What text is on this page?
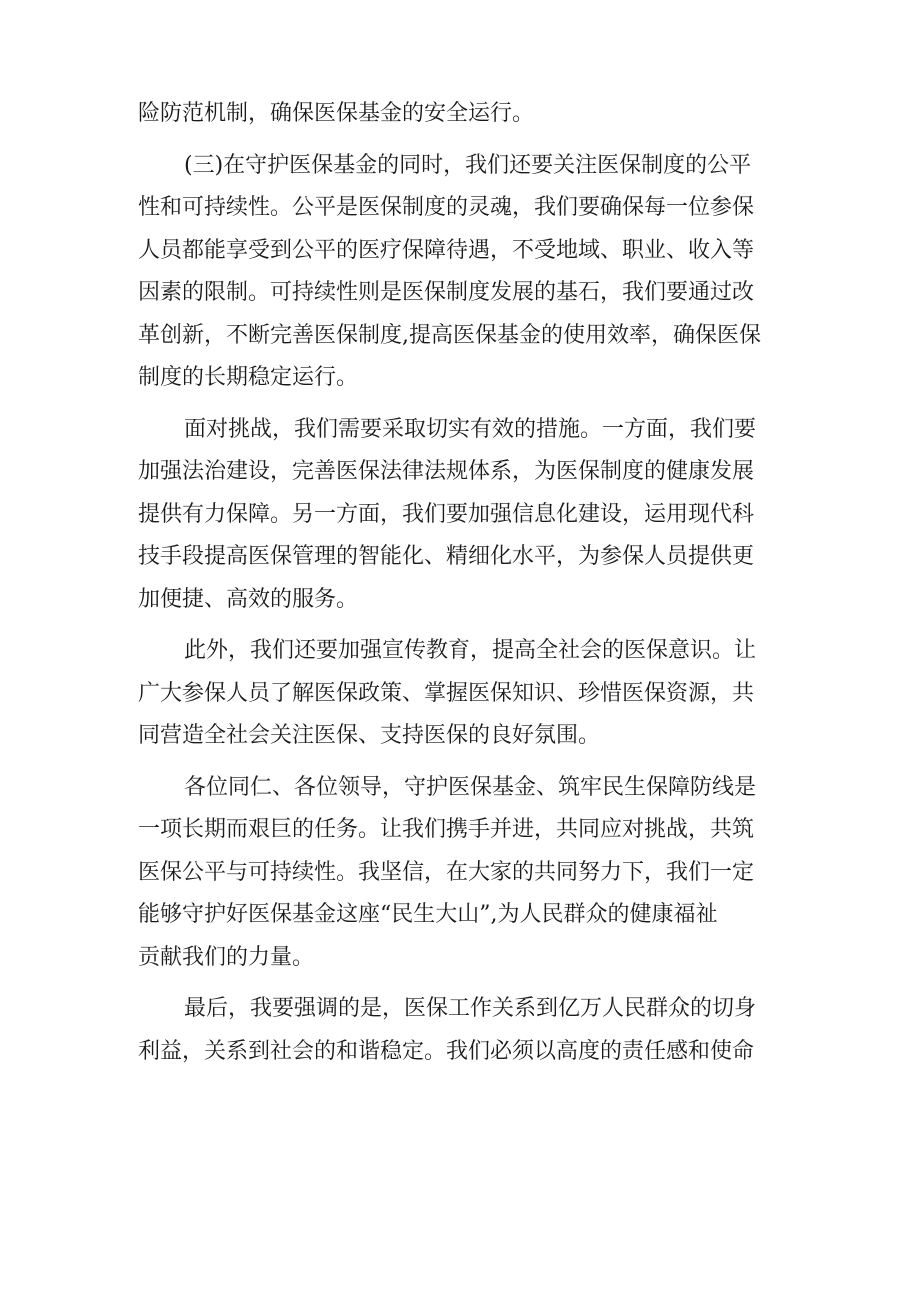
险防范机制，确保医保基金的安全运行。
(三)在守护医保基金的同时，我们还要关注医保制度的公平
性和可持续性。公平是医保制度的灵魂，我们要确保每一位参保
人员都能享受到公平的医疗保障待遇，不受地域、职业、收入等
因素的限制。可持续性则是医保制度发展的基石，我们要通过改
革创新，不断完善医保制度,提高医保基金的使用效率，确保医保
制度的长期稳定运行。
面对挑战，我们需要采取切实有效的措施。一方面，我们要
加强法治建设，完善医保法律法规体系，为医保制度的健康发展
提供有力保障。另一方面，我们要加强信息化建设，运用现代科
技手段提高医保管理的智能化、精细化水平，为参保人员提供更
加便捷、高效的服务。
此外，我们还要加强宣传教育，提高全社会的医保意识。让
广大参保人员了解医保政策、掌握医保知识、珍惜医保资源，共
同营造全社会关注医保、支持医保的良好氛围。
各位同仁、各位领导，守护医保基金、筑牢民生保障防线是
一项长期而艰巨的任务。让我们携手并进，共同应对挑战，共筑
医保公平与可持续性。我坚信，在大家的共同努力下，我们一定
能够守护好医保基金这座“民生大山”,为人民群众的健康福祉
贡献我们的力量。
最后，我要强调的是，医保工作关系到亿万人民群众的切身
利益，关系到社会的和谐稳定。我们必须以高度的责任感和使命
